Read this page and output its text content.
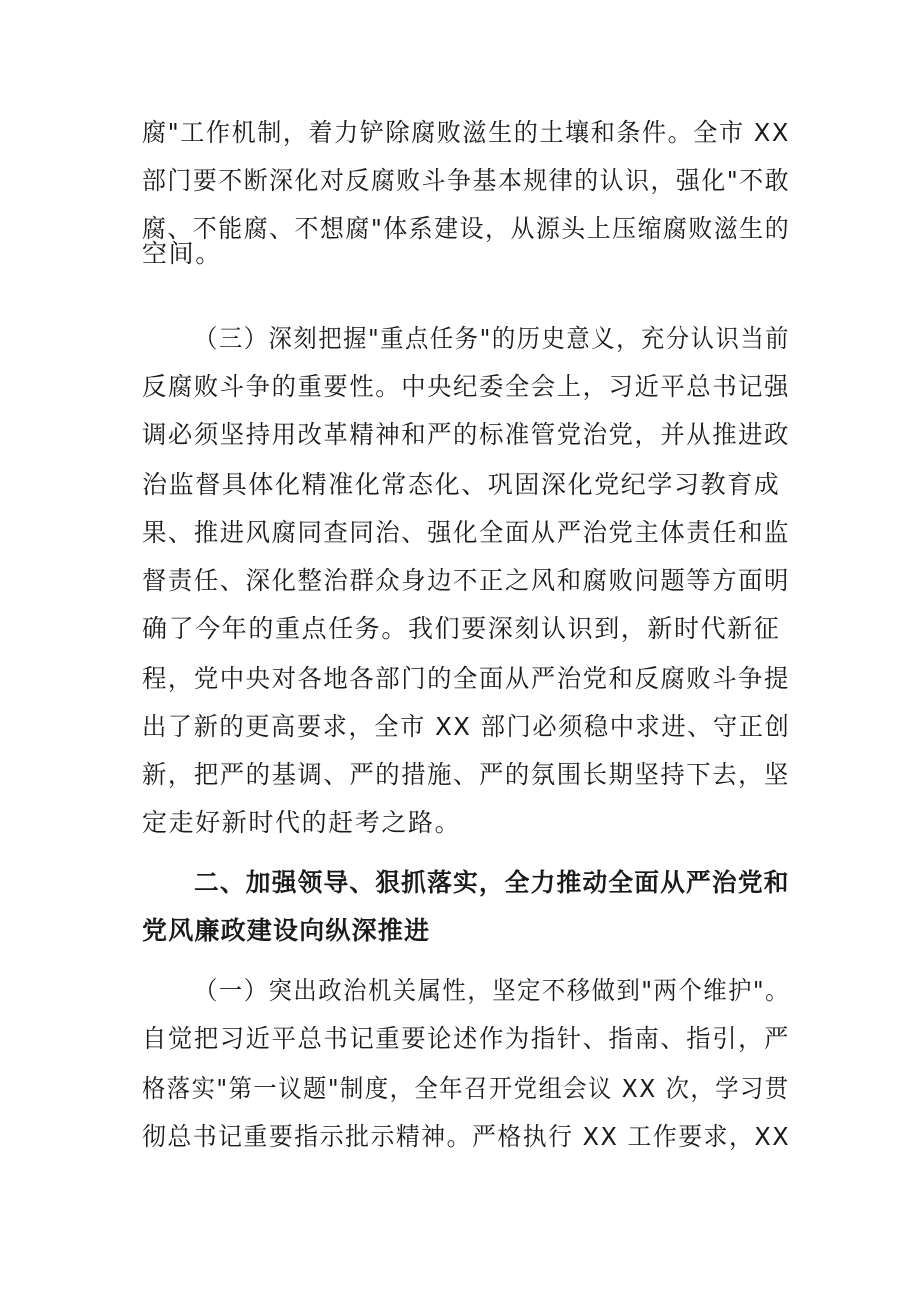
腐"工作机制，着力铲除腐败滋生的土壤和条件。全市 XX
部门要不断深化对反腐败斗争基本规律的认识，强化"不敢
腐、不能腐、不想腐"体系建设，从源头上压缩腐败滋生的
空间。
（三）深刻把握"重点任务"的历史意义，充分认识当前
反腐败斗争的重要性。中央纪委全会上，习近平总书记强
调必须坚持用改革精神和严的标准管党治党，并从推进政
治监督具体化精准化常态化、巩固深化党纪学习教育成
果、推进风腐同查同治、强化全面从严治党主体责任和监
督责任、深化整治群众身边不正之风和腐败问题等方面明
确了今年的重点任务。我们要深刻认识到，新时代新征
程，党中央对各地各部门的全面从严治党和反腐败斗争提
出了新的更高要求，全市 XX 部门必须稳中求进、守正创
新，把严的基调、严的措施、严的氛围长期坚持下去，坚
定走好新时代的赶考之路。
二、加强领导、狠抓落实，全力推动全面从严治党和
党风廉政建设向纵深推进
（一）突出政治机关属性，坚定不移做到"两个维护"。
自觉把习近平总书记重要论述作为指针、指南、指引，严
格落实"第一议题"制度，全年召开党组会议 XX 次，学习贯
彻总书记重要指示批示精神。严格执行 XX 工作要求，XX
